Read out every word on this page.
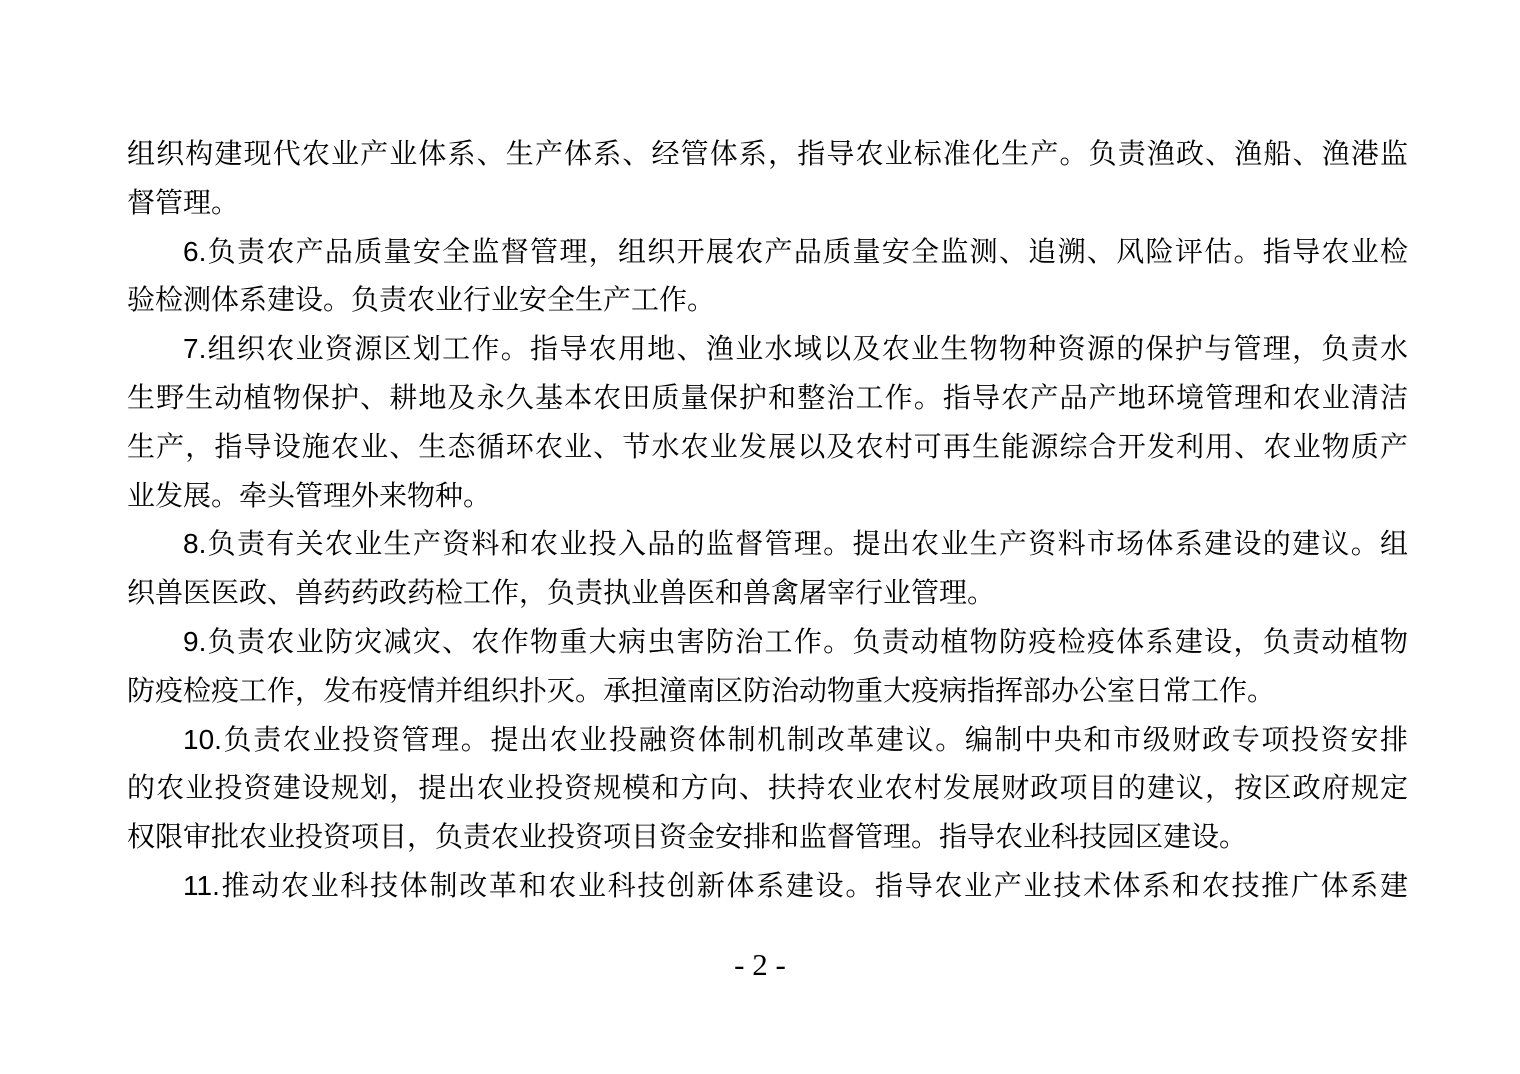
组织构建现代农业产业体系、生产体系、经管体系，指导农业标准化生产。负责渔政、渔船、渔港监
督管理。
6.负责农产品质量安全监督管理，组织开展农产品质量安全监测、追溯、风险评估。指导农业检
验检测体系建设。负责农业行业安全生产工作。
7.组织农业资源区划工作。指导农用地、渔业水域以及农业生物物种资源的保护与管理，负责水
生野生动植物保护、耕地及永久基本农田质量保护和整治工作。指导农产品产地环境管理和农业清洁
生产，指导设施农业、生态循环农业、节水农业发展以及农村可再生能源综合开发利用、农业物质产
业发展。牵头管理外来物种。
8.负责有关农业生产资料和农业投入品的监督管理。提出农业生产资料市场体系建设的建议。组
织兽医医政、兽药药政药检工作，负责执业兽医和兽禽屠宰行业管理。
9.负责农业防灾减灾、农作物重大病虫害防治工作。负责动植物防疫检疫体系建设，负责动植物
防疫检疫工作，发布疫情并组织扑灭。承担潼南区防治动物重大疫病指挥部办公室日常工作。
10.负责农业投资管理。提出农业投融资体制机制改革建议。编制中央和市级财政专项投资安排
的农业投资建设规划，提出农业投资规模和方向、扶持农业农村发展财政项目的建议，按区政府规定
权限审批农业投资项目，负责农业投资项目资金安排和监督管理。指导农业科技园区建设。
11.推动农业科技体制改革和农业科技创新体系建设。指导农业产业技术体系和农技推广体系建
- 2 -
